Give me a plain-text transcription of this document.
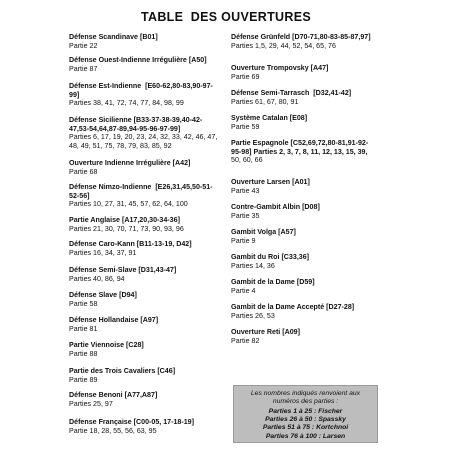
TABLE  DES OUVERTURES
Défense Scandinave [B01]
Partie 22
Défense Ouest-Indienne Irrégulière [A50]
Partie 87
Défense Est-Indienne  [E60-62,80-83,90-97-
99]
Parties 38, 41, 72, 74, 77, 84, 98, 99
Défense Sicilienne [B33-37-38-39,40-42-
47,53-54,64,87-89,94-95-96-97-99]
Parties 6, 17, 19, 20, 23, 24, 32, 33, 42, 46, 47,
48, 49, 51, 75, 78, 79, 83, 85, 92
Ouverture Indienne Irrégulière [A42]
Partie 68
Défense Nimzo-Indienne  [E26,31,45,50-51-
52-56]
Parties 10, 27, 31, 45, 57, 62, 64, 100
Partie Anglaise [A17,20,30-34-36]
Parties 21, 30, 70, 71, 73, 90, 93, 96
Défense Caro-Kann [B11-13-19, D42]
Parties 16, 34, 37, 91
Défense Semi-Slave [D31,43-47]
Parties 40, 86, 94
Défense Slave [D94]
Partie 58
Défense Hollandaise [A97]
Partie 81
Partie Viennoise [C28]
Partie 88
Partie des Trois Cavaliers [C46]
Partie 89
Défense Benoni [A77,A87]
Parties 25, 97
Défense Française [C00-05, 17-18-19]
Partie 18, 28, 55, 56, 63, 95
Défense Grünfeld [D70-71,80-83-85-87,97]
Parties 1,5, 29, 44, 52, 54, 65, 76
Ouverture Trompovsky [A47]
Partie 69
Défense Semi-Tarrasch  [D32,41-42]
Parties 61, 67, 80, 91
Système Catalan [E08]
Partie 59
Partie Espagnole [C52,69,72,80-81,91-92-
95-98] Parties 2, 3, 7, 8, 11, 12, 13, 15, 39,
50, 60, 66
Ouverture Larsen [A01]
Partie 43
Contre-Gambit Albin [D08]
Partie 35
Gambit Volga [A57]
Partie 9
Gambit du Roi [C33,36]
Parties 14, 36
Gambit de la Dame [D59]
Partie 4
Gambit de la Dame Accepté [D27-28]
Parties 26, 53
Ouverture Reti [A09]
Partie 82
Les nombres indiqués renvoient aux
numéros des parties :
Parties 1 à 25 : Fischer
Parties 26 à 50 : Spassky
Parties 51 à 75 : Kortchnoi
Parties 76 à 100 : Larsen
